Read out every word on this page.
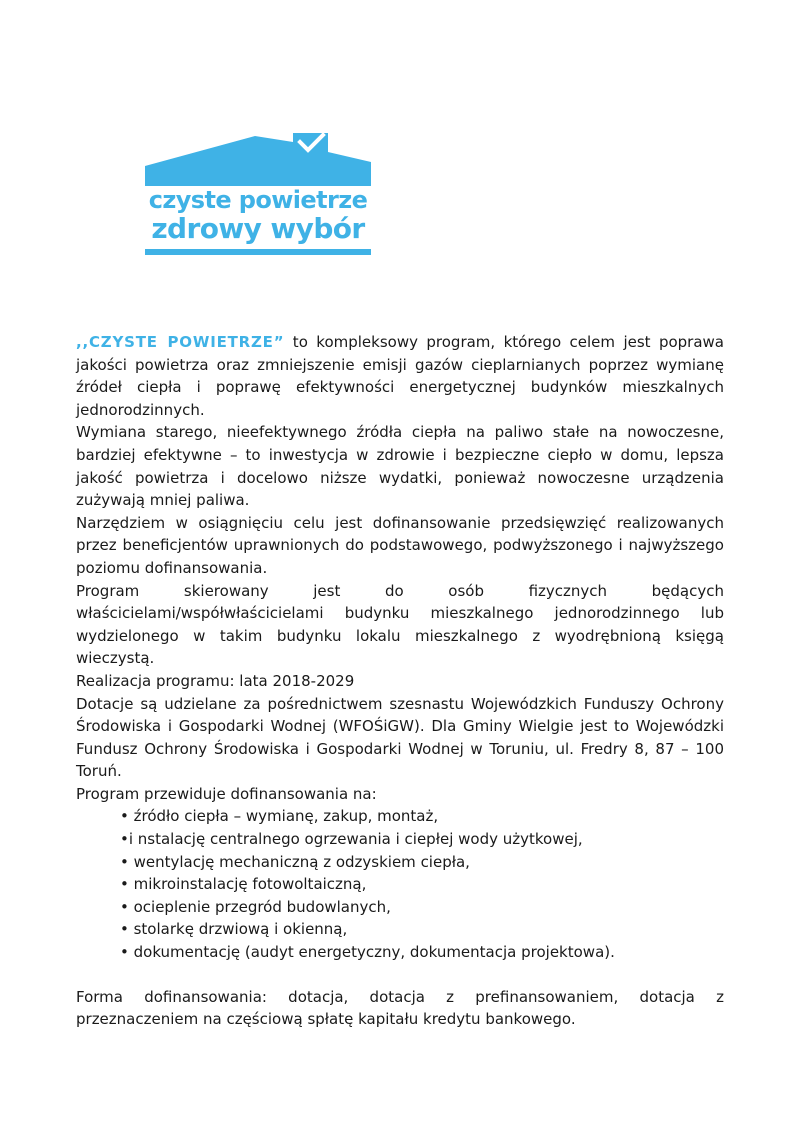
czyste powietrze
zdrowy wybór

,,CZYSTE POWIETRZE” to kompleksowy program, którego celem jest poprawa jakości powietrza oraz zmniejszenie emisji gazów cieplarnianych poprzez wymianę źródeł ciepła i poprawę efektywności energetycznej budynków mieszkalnych jednorodzinnych.

Wymiana starego, nieefektywnego źródła ciepła na paliwo stałe na nowoczesne, bardziej efektywne – to inwestycja w zdrowie i bezpieczne ciepło w domu, lepsza jakość powietrza i docelowo niższe wydatki, ponieważ nowoczesne urządzenia zużywają mniej paliwa.

Narzędziem w osiągnięciu celu jest dofinansowanie przedsięwzięć realizowanych przez beneficjentów uprawnionych do podstawowego, podwyższonego i najwyższego poziomu dofinansowania.

Program skierowany jest do osób fizycznych będących właścicielami/współwłaścicielami budynku mieszkalnego jednorodzinnego lub wydzielonego w takim budynku lokalu mieszkalnego z wyodrębnioną księgą wieczystą.

Realizacja programu: lata 2018-2029

Dotacje są udzielane za pośrednictwem szesnastu Wojewódzkich Funduszy Ochrony Środowiska i Gospodarki Wodnej (WFOŚiGW). Dla Gminy Wielgie jest to Wojewódzki Fundusz Ochrony Środowiska i Gospodarki Wodnej w Toruniu, ul. Fredry 8, 87 – 100 Toruń.

Program przewiduje dofinansowania na:

• źródło ciepła – wymianę, zakup, montaż,
•i nstalację centralnego ogrzewania i ciepłej wody użytkowej,
• wentylację mechaniczną z odzyskiem ciepła,
• mikroinstalację fotowoltaiczną,
• ocieplenie przegród budowlanych,
• stolarkę drzwiową i okienną,
• dokumentację (audyt energetyczny, dokumentacja projektowa).

Forma dofinansowania: dotacja, dotacja z prefinansowaniem, dotacja z przeznaczeniem na częściową spłatę kapitału kredytu bankowego.
